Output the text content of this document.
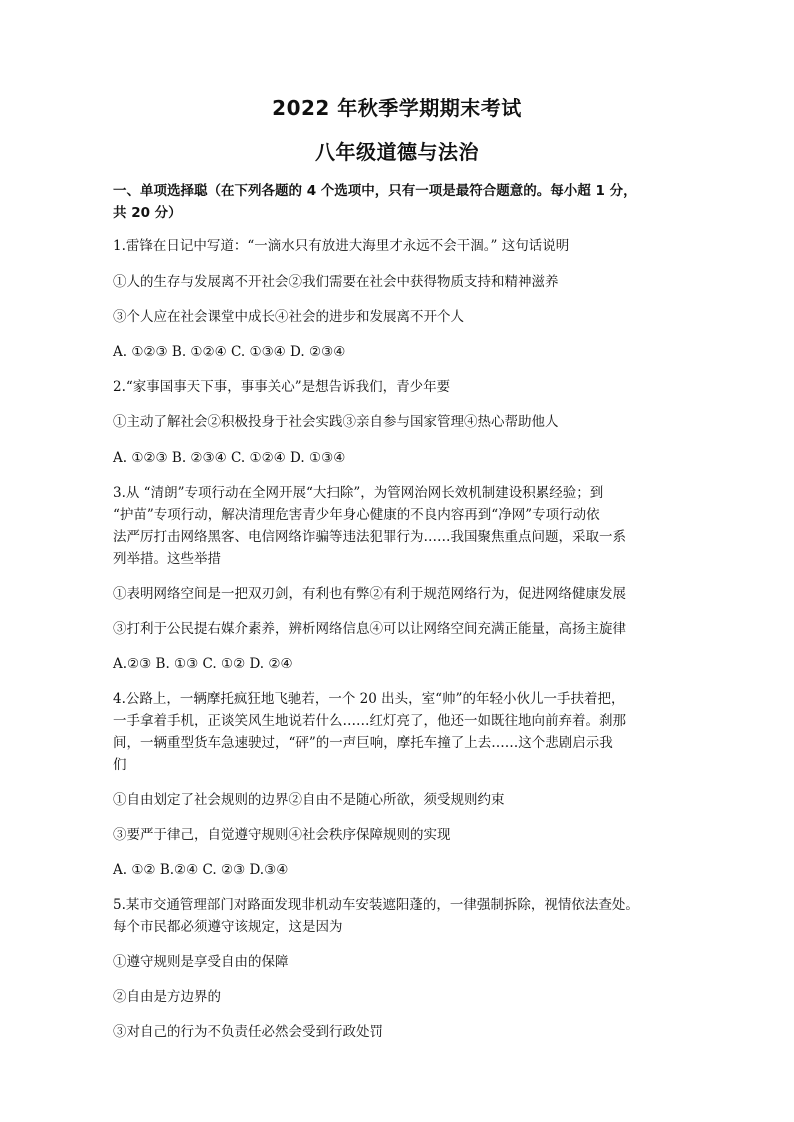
2022 年秋季学期期末考试
八年级道德与法治
一、单项选择聪（在下列各题的 4 个选项中，只有一项是最符合题意的。每小超 1 分，
共 20 分）
1.雷锋在日记中写道：“一滴水只有放进大海里才永远不会干涸。” 这句话说明
①人的生存与发展离不开社会②我们需要在社会中获得物质支持和精神滋养
③个人应在社会课堂中成长④社会的进步和发展离不开个人
A. ①②③ B. ①②④ C. ①③④ D. ②③④
2.“家事国事天下事，事事关心”是想告诉我们，青少年要
①主动了解社会②积极投身于社会实践③亲自参与国家管理④热心帮助他人
A. ①②③ B. ②③④ C. ①②④ D. ①③④
3.从 “清朗”专项行动在全网开展“大扫除”，为管网治网长效机制建设积累经验；到
“护苗”专项行动，解决清理危害青少年身心健康的不良内容再到“净网”专项行动依
法严厉打击网络黑客、电信网络诈骗等违法犯罪行为……我国聚焦重点问题，采取一系
列举措。这些举措
①表明网络空间是一把双刃剑，有利也有弊②有利于规范网络行为，促进网络健康发展
③打利于公民提右媒介素养，辨析网络信息④可以让网络空间充满正能量，高扬主旋律
A.②③ B. ①③ C. ①② D. ②④
4.公路上，一辆摩托疯狂地飞驰若，一个 20 出头，室“帅”的年轻小伙儿一手扶着把，
一手拿着手机，正谈笑风生地说若什么……红灯亮了，他还一如既往地向前弃着。刹那
间，一辆重型货车急速驶过，“砰”的一声巨响，摩托车撞了上去……这个悲剧启示我
们
①自由划定了社会规则的边界②自由不是随心所欲，须受规则约束
③要严于律己，自觉遵守规则④社会秩序保障规则的实现
A. ①② B.②④ C. ②③ D.③④
5.某市交通管理部门对路面发现非机动车安装遮阳蓬的，一律强制拆除，视情依法查处。
每个市民都必须遵守该规定，这是因为
①遵守规则是享受自由的保障
②自由是方边界的
③对自己的行为不负责任必然会受到行政处罚
